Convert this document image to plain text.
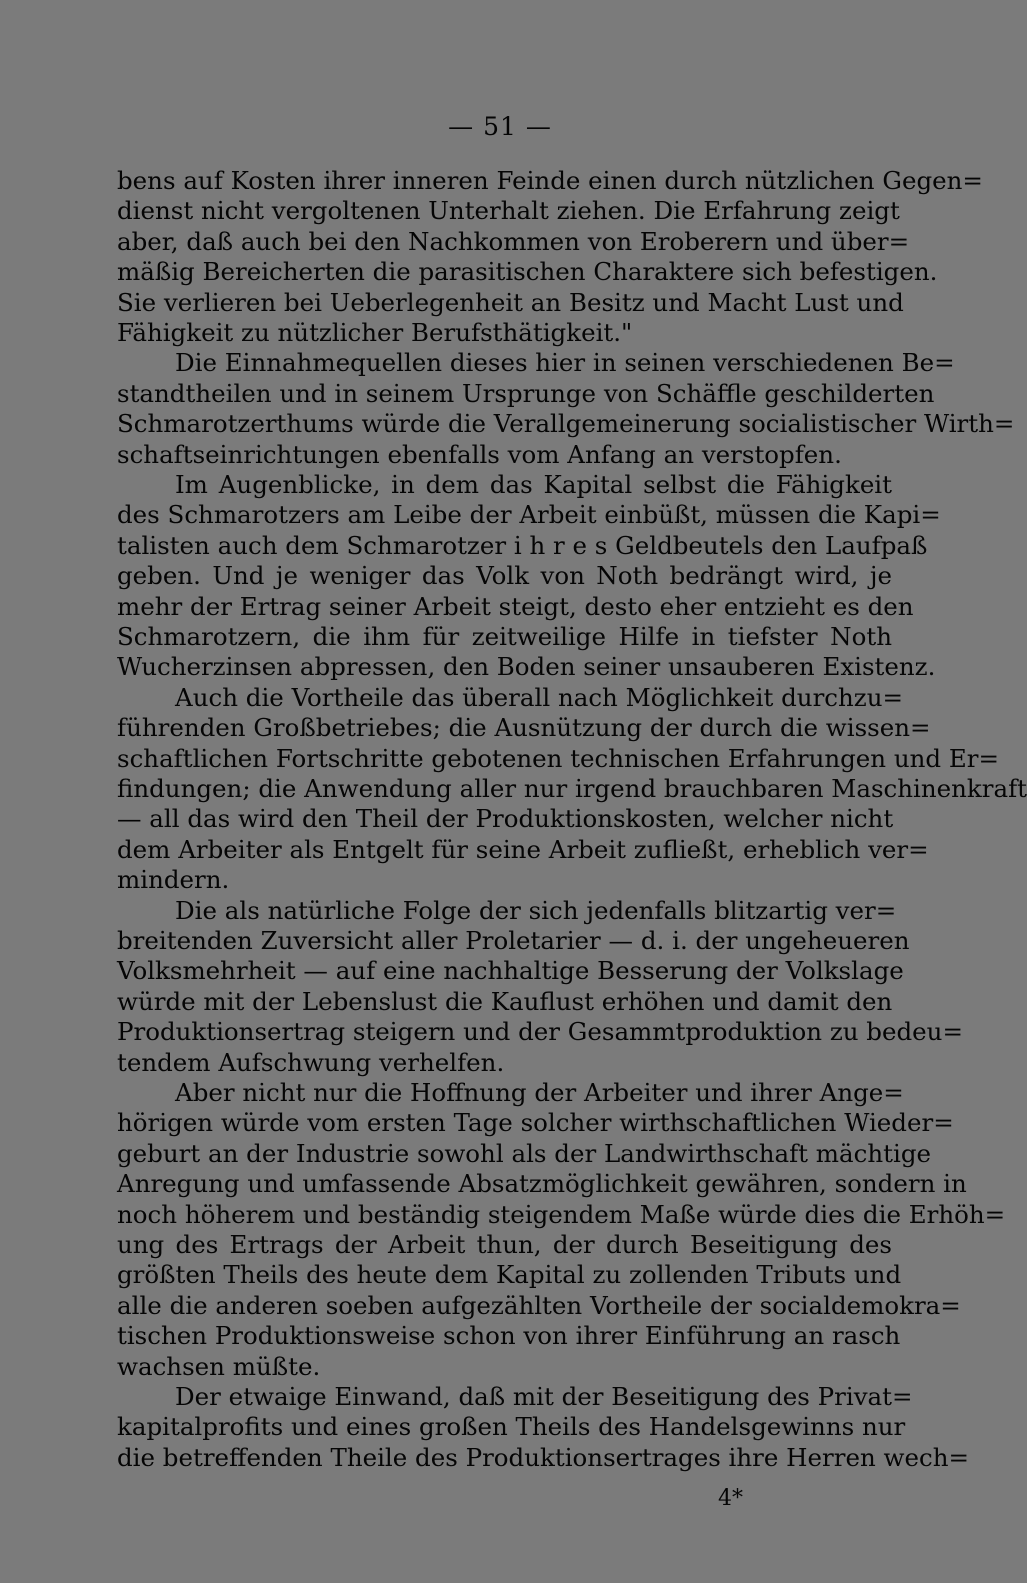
— 51 —
bens auf Kosten ihrer inneren Feinde einen durch nützlichen Gegen=
dienst nicht vergoltenen Unterhalt ziehen. Die Erfahrung zeigt
aber, daß auch bei den Nachkommen von Eroberern und über=
mäßig Bereicherten die parasitischen Charaktere sich befestigen.
Sie verlieren bei Ueberlegenheit an Besitz und Macht Lust und
Fähigkeit zu nützlicher Berufsthätigkeit."
Die Einnahmequellen dieses hier in seinen verschiedenen Be=
standtheilen und in seinem Ursprunge von Schäffle geschilderten
Schmarotzerthums würde die Verallgemeinerung socialistischer Wirth=
schaftseinrichtungen ebenfalls vom Anfang an verstopfen.
Im Augenblicke, in dem das Kapital selbst die Fähigkeit
des Schmarotzers am Leibe der Arbeit einbüßt, müssen die Kapi=
talisten auch dem Schmarotzer i h r e s Geldbeutels den Laufpaß
geben. Und je weniger das Volk von Noth bedrängt wird, je
mehr der Ertrag seiner Arbeit steigt, desto eher entzieht es den
Schmarotzern, die ihm für zeitweilige Hilfe in tiefster Noth
Wucherzinsen abpressen, den Boden seiner unsauberen Existenz.
Auch die Vortheile das überall nach Möglichkeit durchzu=
führenden Großbetriebes; die Ausnützung der durch die wissen=
schaftlichen Fortschritte gebotenen technischen Erfahrungen und Er=
findungen; die Anwendung aller nur irgend brauchbaren Maschinenkraft
— all das wird den Theil der Produktionskosten, welcher nicht
dem Arbeiter als Entgelt für seine Arbeit zufließt, erheblich ver=
mindern.
Die als natürliche Folge der sich jedenfalls blitzartig ver=
breitenden Zuversicht aller Proletarier — d. i. der ungeheueren
Volksmehrheit — auf eine nachhaltige Besserung der Volkslage
würde mit der Lebenslust die Kauflust erhöhen und damit den
Produktionsertrag steigern und der Gesammtproduktion zu bedeu=
tendem Aufschwung verhelfen.
Aber nicht nur die Hoffnung der Arbeiter und ihrer Ange=
hörigen würde vom ersten Tage solcher wirthschaftlichen Wieder=
geburt an der Industrie sowohl als der Landwirthschaft mächtige
Anregung und umfassende Absatzmöglichkeit gewähren, sondern in
noch höherem und beständig steigendem Maße würde dies die Erhöh=
ung des Ertrags der Arbeit thun, der durch Beseitigung des
größten Theils des heute dem Kapital zu zollenden Tributs und
alle die anderen soeben aufgezählten Vortheile der socialdemokra=
tischen Produktionsweise schon von ihrer Einführung an rasch
wachsen müßte.
Der etwaige Einwand, daß mit der Beseitigung des Privat=
kapitalprofits und eines großen Theils des Handelsgewinns nur
die betreffenden Theile des Produktionsertrages ihre Herren wech=
4*
